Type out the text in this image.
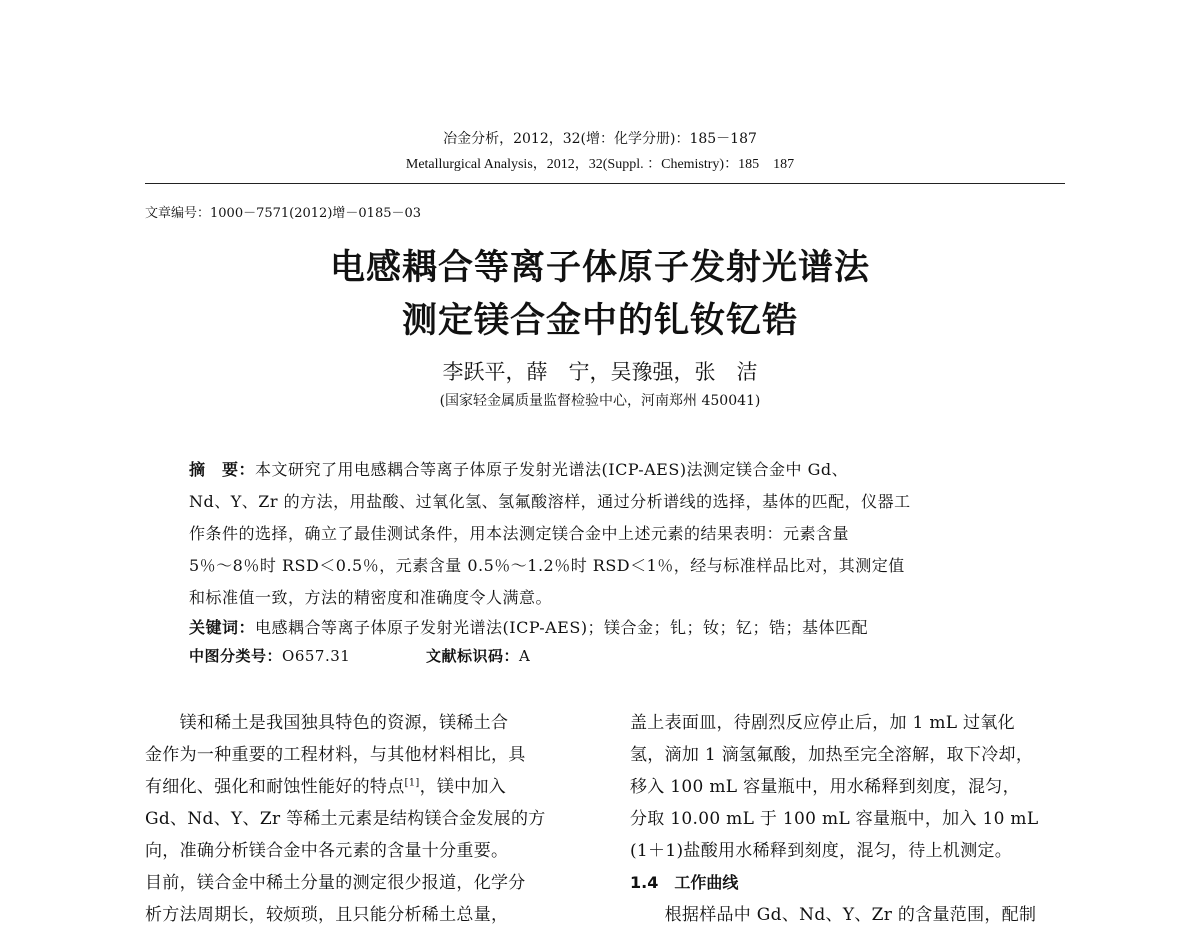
冶金分析，2012，32(增：化学分册)：185－187
Metallurgical Analysis，2012，32(Suppl. ：Chemistry)：185　187
文章编号：1000－7571(2012)增－0185－03
电感耦合等离子体原子发射光谱法
测定镁合金中的钆钕钇锆
李跃平，薛　宁，吴豫强，张　洁
(国家轻金属质量监督检验中心，河南郑州 450041)
摘　要：本文研究了用电感耦合等离子体原子发射光谱法(ICP-AES)法测定镁合金中 Gd、
Nd、Y、Zr 的方法，用盐酸、过氧化氢、氢氟酸溶样，通过分析谱线的选择，基体的匹配，仪器工
作条件的选择，确立了最佳测试条件，用本法测定镁合金中上述元素的结果表明：元素含量
5％～8％时 RSD＜0.5％，元素含量 0.5％～1.2％时 RSD＜1％，经与标准样品比对，其测定值
和标准值一致，方法的精密度和准确度令人满意。
关键词：电感耦合等离子体原子发射光谱法(ICP-AES)；镁合金；钆；钕；钇；锆；基体匹配
中图分类号：O657.31	文献标识码：A
　　镁和稀土是我国独具特色的资源，镁稀土合
金作为一种重要的工程材料，与其他材料相比，具
有细化、强化和耐蚀性能好的特点[1]，镁中加入
Gd、Nd、Y、Zr 等稀土元素是结构镁合金发展的方
向，准确分析镁合金中各元素的含量十分重要。
目前，镁合金中稀土分量的测定很少报道，化学分
析方法周期长，较烦琐，且只能分析稀土总量，
盖上表面皿，待剧烈反应停止后，加 1 mL 过氧化
氢，滴加 1 滴氢氟酸，加热至完全溶解，取下冷却，
移入 100 mL 容量瓶中，用水稀释到刻度，混匀，
分取 10.00 mL 于 100 mL 容量瓶中，加入 10 mL
(1＋1)盐酸用水稀释到刻度，混匀，待上机测定。
1.4　工作曲线
　　根据样品中 Gd、Nd、Y、Zr 的含量范围，配制
